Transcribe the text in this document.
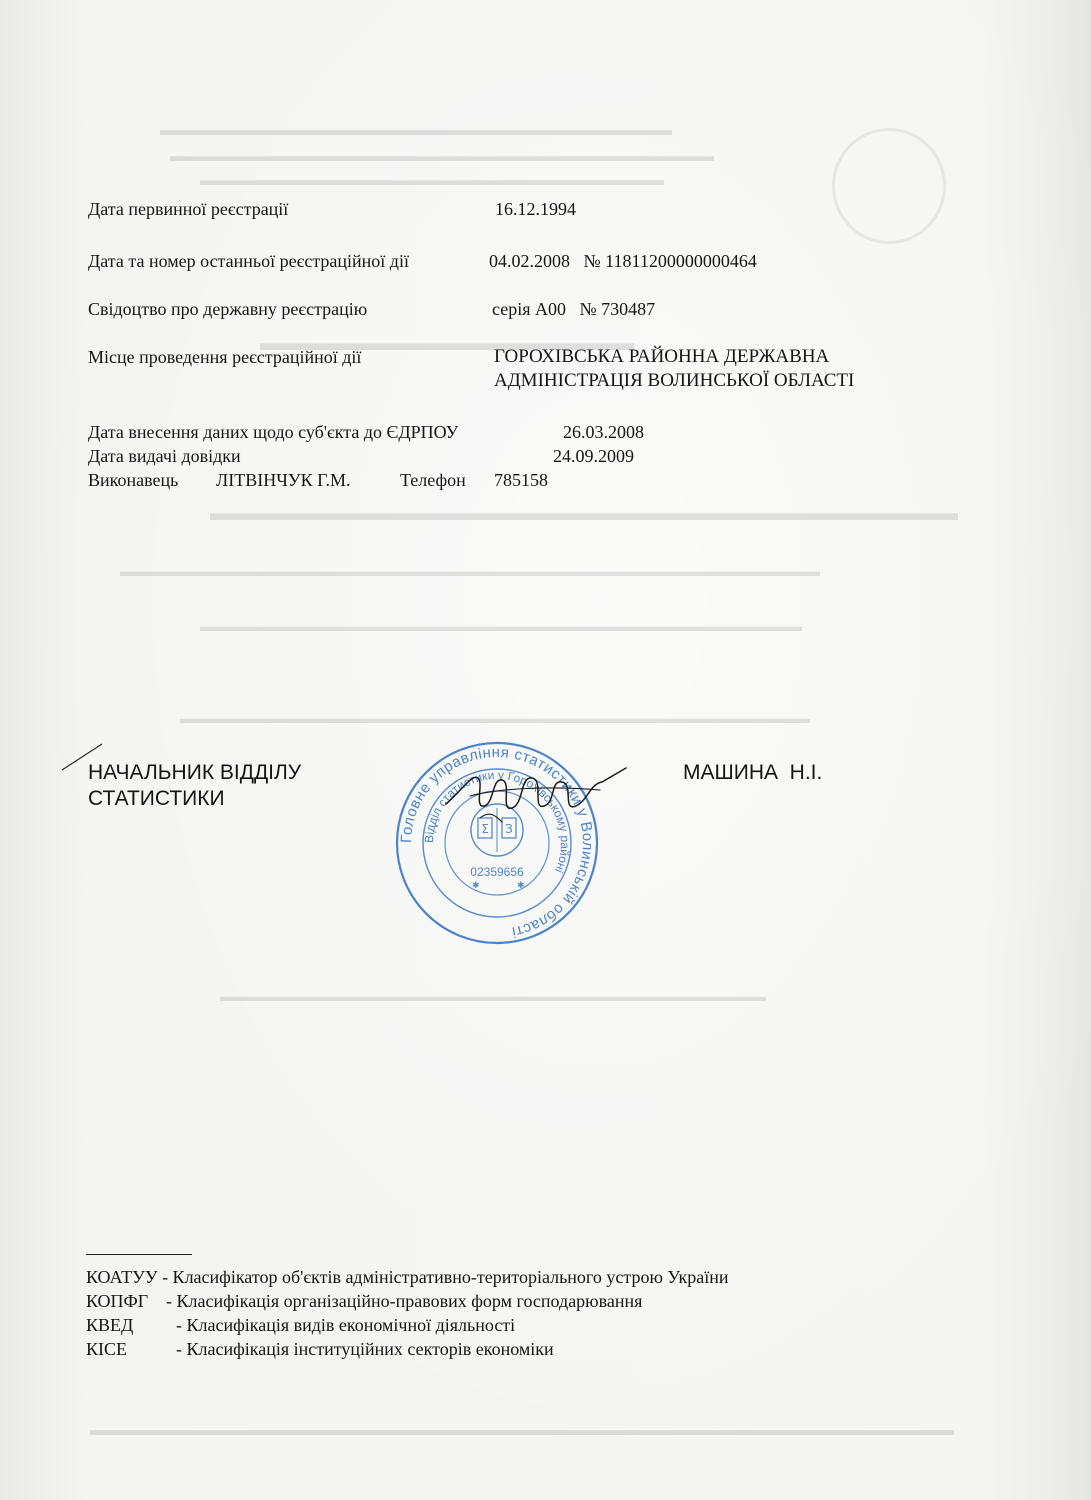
▬▬▬▬▬▬▬▬▬▬▬▬▬▬▬▬▬▬▬▬▬▬▬▬▬▬▬▬▬▬▬▬
▬▬▬▬▬▬▬▬▬▬▬▬▬▬▬▬▬▬▬▬▬▬▬▬▬▬▬▬▬▬▬▬▬▬
▬▬▬▬▬▬▬▬▬▬▬▬▬▬▬▬▬▬▬▬▬▬▬▬▬▬▬▬▬
▬▬▬▬▬▬▬▬▬▬▬▬▬▬▬▬▬
▬▬▬▬▬▬▬▬▬▬▬▬▬▬▬▬▬▬▬▬▬▬▬▬▬▬▬▬▬▬▬▬▬▬
▬▬▬▬▬▬▬▬▬▬▬▬▬▬▬▬▬▬▬▬▬▬▬▬▬▬▬▬▬▬▬▬▬▬▬▬▬▬▬▬▬▬▬▬▬▬▬▬▬▬
▬▬▬▬▬▬▬▬▬▬▬▬▬▬▬▬▬▬▬▬▬▬▬▬▬▬▬▬▬▬▬▬▬▬▬▬▬▬▬▬▬▬▬
▬▬▬▬▬▬▬▬▬▬▬▬▬▬▬▬▬▬▬▬▬▬▬▬▬▬▬▬▬▬▬▬▬▬▬▬▬▬▬▬▬▬▬▬▬
▬▬▬▬▬▬▬▬▬▬▬▬▬▬▬▬▬▬▬▬▬▬▬▬▬▬▬▬▬▬▬▬▬▬▬▬▬▬▬
▬▬▬▬▬▬▬▬▬▬▬▬▬▬▬▬▬▬▬▬▬▬▬▬▬▬▬▬▬▬▬▬▬▬▬▬▬▬▬▬▬▬▬▬▬▬▬▬▬▬▬▬▬▬
Дата первинної реєстрації	16.12.1994
Дата та номер останньої реєстраційної дії	04.02.2008   № 11811200000000464
Свідоцтво про державну реєстрацію	серія А00   № 730487
Місце проведення реєстраційної дії	ГОРОХІВСЬКА РАЙОННА ДЕРЖАВНА
АДМІНІСТРАЦІЯ ВОЛИНСЬКОЇ ОБЛАСТІ
Дата внесення даних щодо суб'єкта до ЄДРПОУ	26.03.2008
Дата видачі довідки	24.09.2009
Виконавець ЛІТВІНЧУК Г.М.	Телефон 785158
НАЧАЛЬНИК ВІДДІЛУ
СТАТИСТИКИ
МАШИНА  Н.І.
Головне управління статистики у Волинській області
Відділ статистики у Горохівському районі
Σ З
02359656
✱	✱
КОАТУУ - Класифікатор об'єктів адміністративно-територіального устрою України
КОПФГ - Класифікація організаційно-правових форм господарювання
КВЕД - Класифікація видів економічної діяльності
КІСЕ	- Класифікація інституційних секторів економіки
